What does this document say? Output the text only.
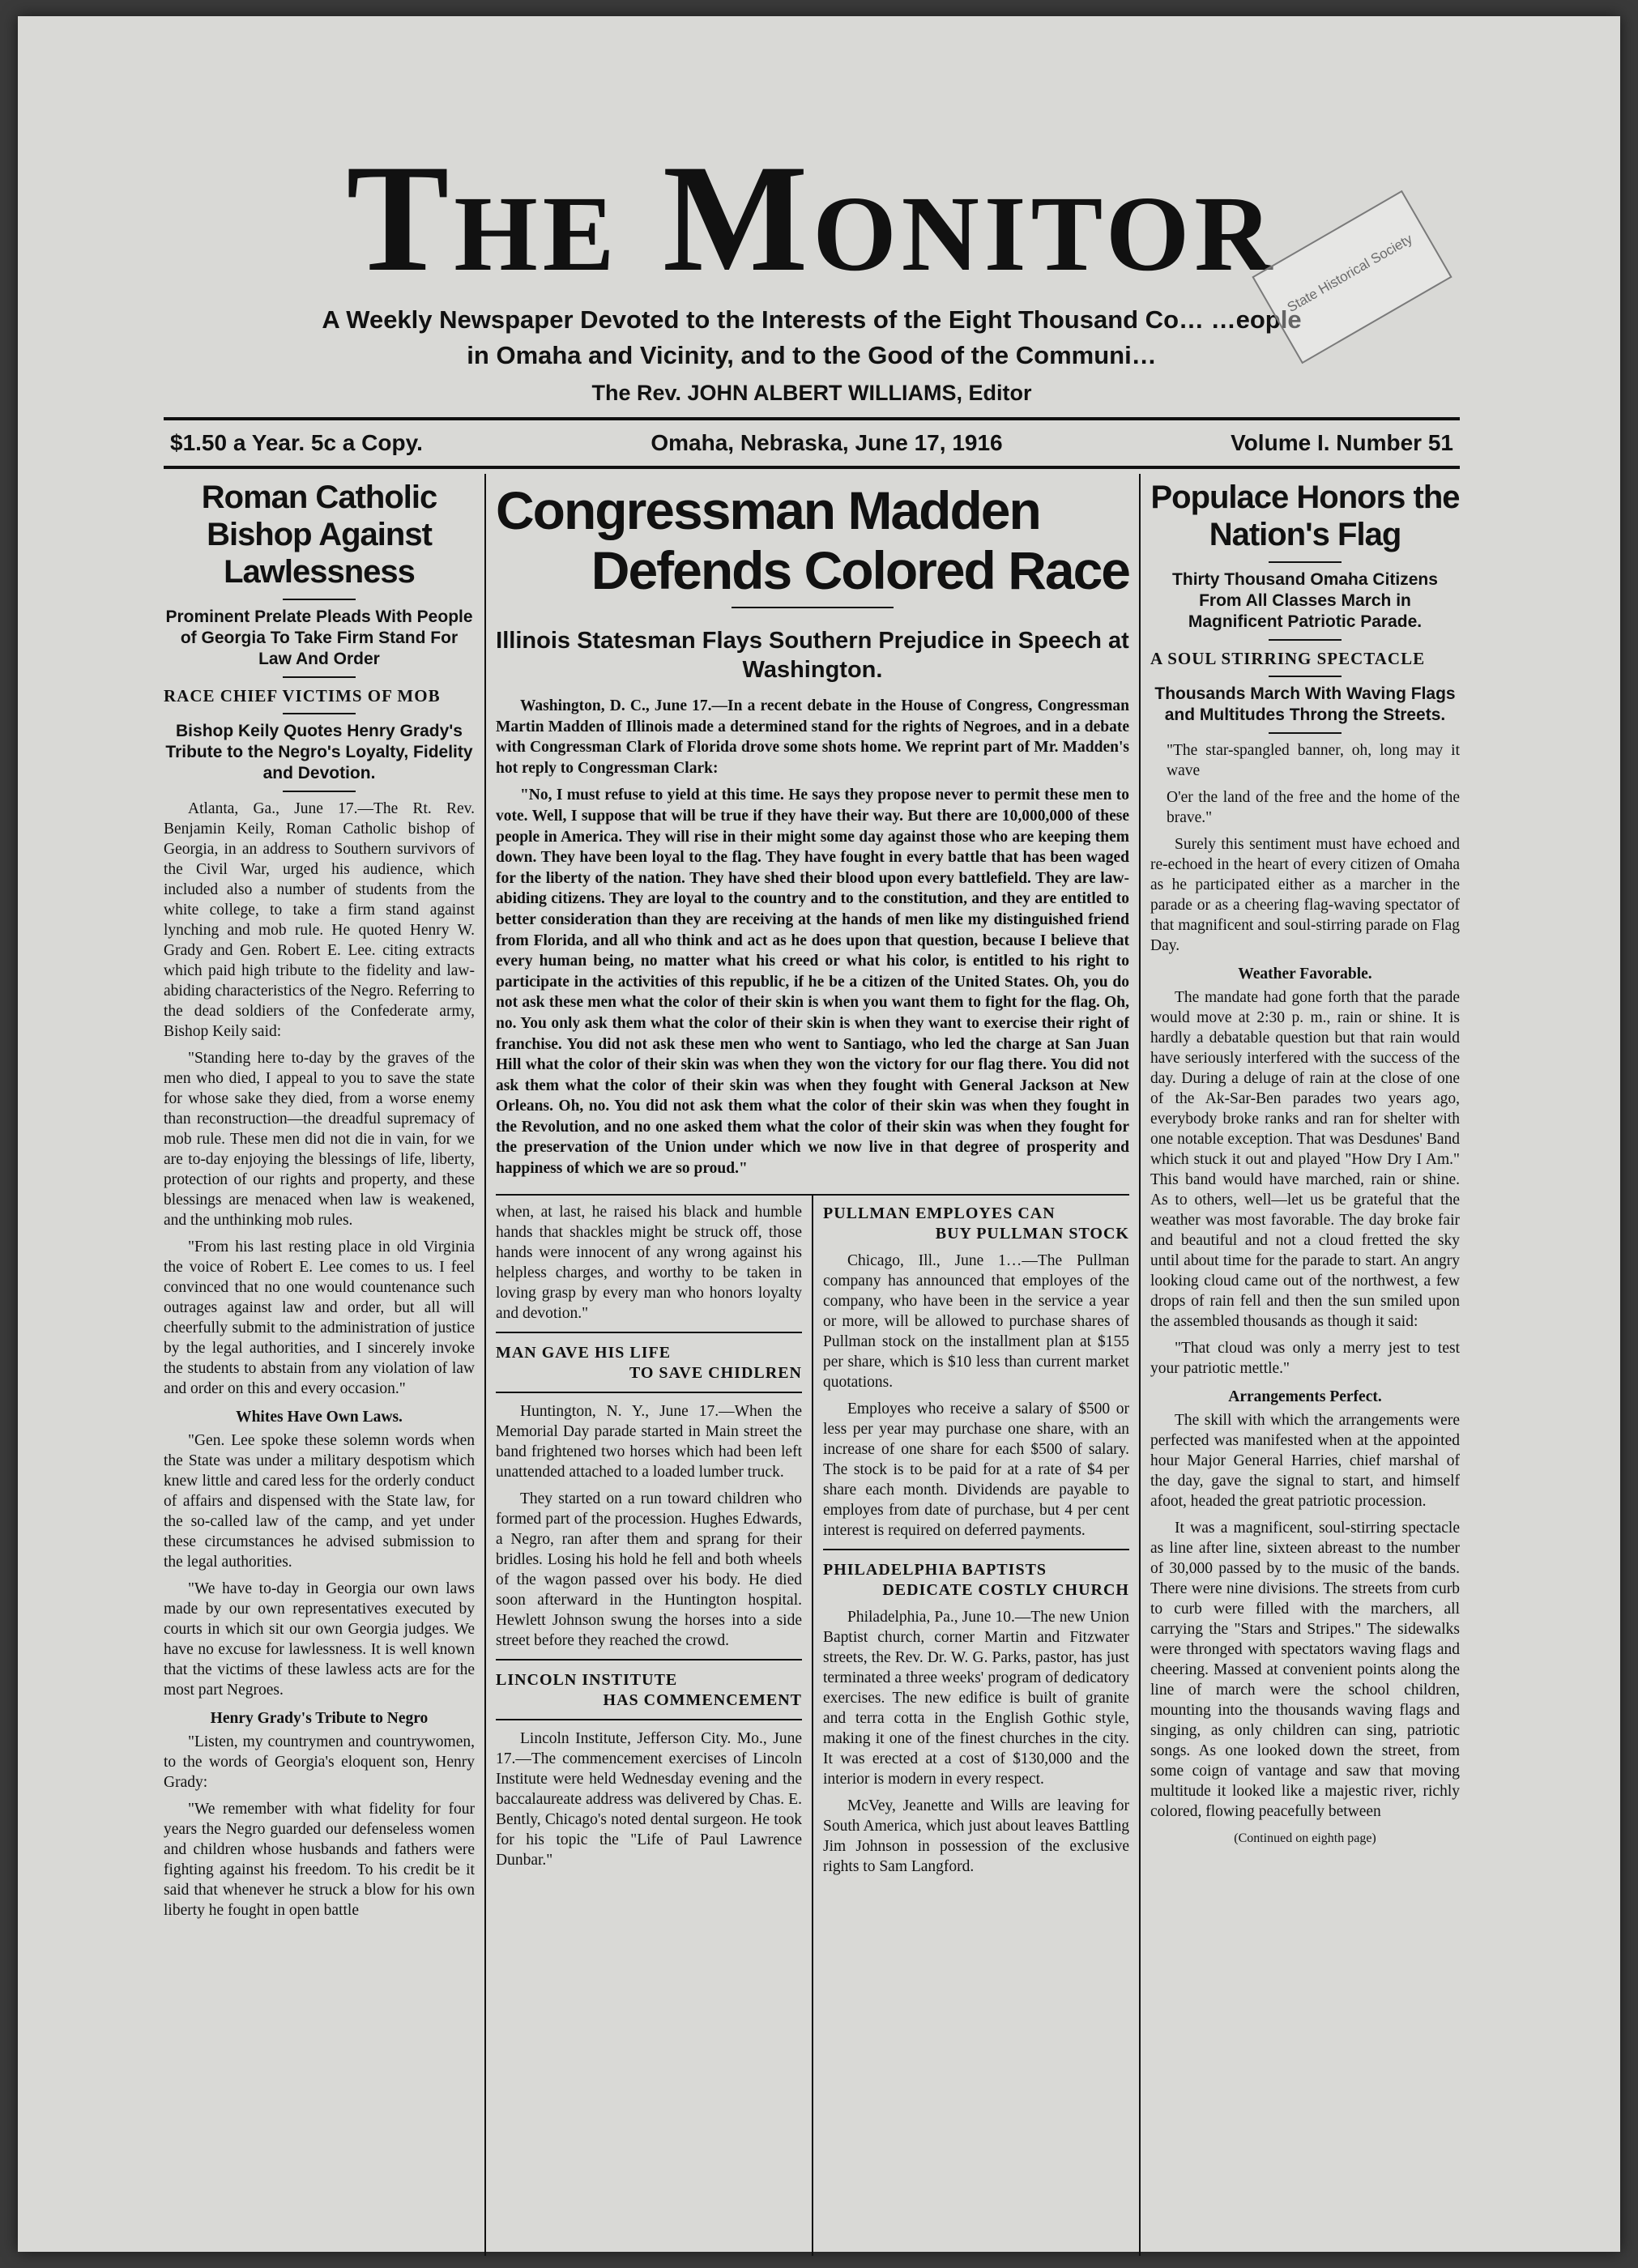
The Monitor
A Weekly Newspaper Devoted to the Interests of the Eight Thousand Co… …eople
in Omaha and Vicinity, and to the Good of the Communi…
The Rev. JOHN ALBERT WILLIAMS, Editor
State Historical Society
$1.50 a Year. 5c a Copy.	Omaha, Nebraska, June 17, 1916	Volume I. Number 51
Roman Catholic Bishop Against Lawlessness
Prominent Prelate Pleads With People of Georgia To Take Firm Stand For Law And Order
RACE CHIEF VICTIMS OF MOB
Bishop Keily Quotes Henry Grady's Tribute to the Negro's Loyalty, Fidelity and Devotion.

Atlanta, Ga., June 17.—The Rt. Rev. Benjamin Keily, Roman Catholic bishop of Georgia, in an address to Southern survivors of the Civil War, urged his audience, which included also a number of students from the white college, to take a firm stand against lynching and mob rule. He quoted Henry W. Grady and Gen. Robert E. Lee. citing extracts which paid high tribute to the fidelity and law-abiding characteristics of the Negro. Referring to the dead soldiers of the Confederate army, Bishop Keily said:

"Standing here to-day by the graves of the men who died, I appeal to you to save the state for whose sake they died, from a worse enemy than reconstruction—the dreadful supremacy of mob rule. These men did not die in vain, for we are to-day enjoying the blessings of life, liberty, protection of our rights and property, and these blessings are menaced when law is weakened, and the unthinking mob rules.

"From his last resting place in old Virginia the voice of Robert E. Lee comes to us. I feel convinced that no one would countenance such outrages against law and order, but all will cheerfully submit to the administration of justice by the legal authorities, and I sincerely invoke the students to abstain from any violation of law and order on this and every occasion."

Whites Have Own Laws.

"Gen. Lee spoke these solemn words when the State was under a military despotism which knew little and cared less for the orderly conduct of affairs and dispensed with the State law, for the so-called law of the camp, and yet under these circumstances he advised submission to the legal authorities.

"We have to-day in Georgia our own laws made by our own representatives executed by courts in which sit our own Georgia judges. We have no excuse for lawlessness. It is well known that the victims of these lawless acts are for the most part Negroes.

Henry Grady's Tribute to Negro

"Listen, my countrymen and countrywomen, to the words of Georgia's eloquent son, Henry Grady:

"We remember with what fidelity for four years the Negro guarded our defenseless women and children whose husbands and fathers were fighting against his freedom. To his credit be it said that whenever he struck a blow for his own liberty he fought in open battle

Congressman Madden
Defends Colored Race
Illinois Statesman Flays Southern Prejudice in Speech at Washington.

Washington, D. C., June 17.—In a recent debate in the House of Congress, Congressman Martin Madden of Illinois made a determined stand for the rights of Negroes, and in a debate with Congressman Clark of Florida drove some shots home. We reprint part of Mr. Madden's hot reply to Congressman Clark:

"No, I must refuse to yield at this time. He says they propose never to permit these men to vote. Well, I suppose that will be true if they have their way. But there are 10,000,000 of these people in America. They will rise in their might some day against those who are keeping them down. They have been loyal to the flag. They have fought in every battle that has been waged for the liberty of the nation. They have shed their blood upon every battlefield. They are law-abiding citizens. They are loyal to the country and to the constitution, and they are entitled to better consideration than they are receiving at the hands of men like my distinguished friend from Florida, and all who think and act as he does upon that question, because I believe that every human being, no matter what his creed or what his color, is entitled to his right to participate in the activities of this republic, if he be a citizen of the United States. Oh, you do not ask these men what the color of their skin is when you want them to fight for the flag. Oh, no. You only ask them what the color of their skin is when they want to exercise their right of franchise. You did not ask these men who went to Santiago, who led the charge at San Juan Hill what the color of their skin was when they won the victory for our flag there. You did not ask them what the color of their skin was when they fought with General Jackson at New Orleans. Oh, no. You did not ask them what the color of their skin was when they fought in the Revolution, and no one asked them what the color of their skin was when they fought for the preservation of the Union under which we now live in that degree of prosperity and happiness of which we are so proud."

when, at last, he raised his black and humble hands that shackles might be struck off, those hands were innocent of any wrong against his helpless charges, and worthy to be taken in loving grasp by every man who honors loyalty and devotion."

MAN GAVE HIS LIFE
TO SAVE CHIDLREN

Huntington, N. Y., June 17.—When the Memorial Day parade started in Main street the band frightened two horses which had been left unattended attached to a loaded lumber truck.

They started on a run toward children who formed part of the procession. Hughes Edwards, a Negro, ran after them and sprang for their bridles. Losing his hold he fell and both wheels of the wagon passed over his body. He died soon afterward in the Huntington hospital. Hewlett Johnson swung the horses into a side street before they reached the crowd.

LINCOLN INSTITUTE
HAS COMMENCEMENT

Lincoln Institute, Jefferson City. Mo., June 17.—The commencement exercises of Lincoln Institute were held Wednesday evening and the baccalaureate address was delivered by Chas. E. Bently, Chicago's noted dental surgeon. He took for his topic the "Life of Paul Lawrence Dunbar."

PULLMAN EMPLOYES CAN
BUY PULLMAN STOCK

Chicago, Ill., June 1…—The Pullman company has announced that employes of the company, who have been in the service a year or more, will be allowed to purchase shares of Pullman stock on the installment plan at $155 per share, which is $10 less than current market quotations.

Employes who receive a salary of $500 or less per year may purchase one share, with an increase of one share for each $500 of salary. The stock is to be paid for at a rate of $4 per share each month. Dividends are payable to employes from date of purchase, but 4 per cent interest is required on deferred payments.

PHILADELPHIA BAPTISTS
DEDICATE COSTLY CHURCH

Philadelphia, Pa., June 10.—The new Union Baptist church, corner Martin and Fitzwater streets, the Rev. Dr. W. G. Parks, pastor, has just terminated a three weeks' program of dedicatory exercises. The new edifice is built of granite and terra cotta in the English Gothic style, making it one of the finest churches in the city. It was erected at a cost of $130,000 and the interior is modern in every respect.

McVey, Jeanette and Wills are leaving for South America, which just about leaves Battling Jim Johnson in possession of the exclusive rights to Sam Langford.

Populace Honors the Nation's Flag
Thirty Thousand Omaha Citizens From All Classes March in Magnificent Patriotic Parade.
A SOUL STIRRING SPECTACLE
Thousands March With Waving Flags and Multitudes Throng the Streets.

"The star-spangled banner, oh, long may it wave

O'er the land of the free and the home of the brave."

Surely this sentiment must have echoed and re-echoed in the heart of every citizen of Omaha as he participated either as a marcher in the parade or as a cheering flag-waving spectator of that magnificent and soul-stirring parade on Flag Day.

Weather Favorable.

The mandate had gone forth that the parade would move at 2:30 p. m., rain or shine. It is hardly a debatable question but that rain would have seriously interfered with the success of the day. During a deluge of rain at the close of one of the Ak-Sar-Ben parades two years ago, everybody broke ranks and ran for shelter with one notable exception. That was Desdunes' Band which stuck it out and played "How Dry I Am." This band would have marched, rain or shine. As to others, well—let us be grateful that the weather was most favorable. The day broke fair and beautiful and not a cloud fretted the sky until about time for the parade to start. An angry looking cloud came out of the northwest, a few drops of rain fell and then the sun smiled upon the assembled thousands as though it said:

"That cloud was only a merry jest to test your patriotic mettle."

Arrangements Perfect.

The skill with which the arrangements were perfected was manifested when at the appointed hour Major General Harries, chief marshal of the day, gave the signal to start, and himself afoot, headed the great patriotic procession.

It was a magnificent, soul-stirring spectacle as line after line, sixteen abreast to the number of 30,000 passed by to the music of the bands. There were nine divisions. The streets from curb to curb were filled with the marchers, all carrying the "Stars and Stripes." The sidewalks were thronged with spectators waving flags and cheering. Massed at convenient points along the line of march were the school children, mounting into the thousands waving flags and singing, as only children can sing, patriotic songs. As one looked down the street, from some coign of vantage and saw that moving multitude it looked like a majestic river, richly colored, flowing peacefully between

(Continued on eighth page)
